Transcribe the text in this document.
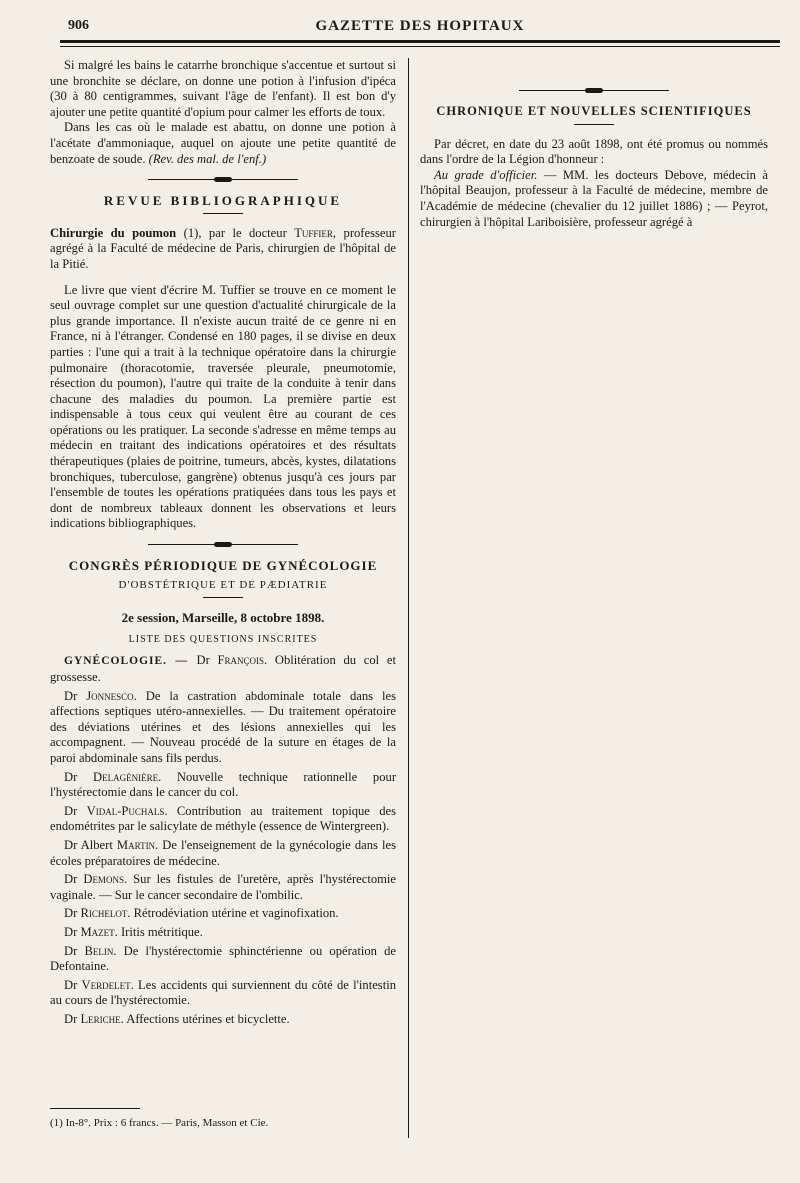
906	GAZETTE DES HOPITAUX

Si malgré les bains le catarrhe bronchique s'accentue et surtout si une bronchite se déclare, on donne une potion à l'infusion d'ipéca (30 à 80 centigrammes, suivant l'âge de l'enfant). Il est bon d'y ajouter une petite quantité d'opium pour calmer les efforts de toux.

Dans les cas où le malade est abattu, on donne une potion à l'acétate d'ammoniaque, auquel on ajoute une petite quantité de benzoate de soude. (Rev. des mal. de l'enf.)

REVUE BIBLIOGRAPHIQUE

Chirurgie du poumon (1), par le docteur Tuffier, professeur agrégé à la Faculté de médecine de Paris, chirurgien de l'hôpital de la Pitié.

Le livre que vient d'écrire M. Tuffier se trouve en ce moment le seul ouvrage complet sur une question d'actualité chirurgicale de la plus grande importance. Il n'existe aucun traité de ce genre ni en France, ni à l'étranger. Condensé en 180 pages, il se divise en deux parties : l'une qui a trait à la technique opératoire dans la chirurgie pulmonaire (thoracotomie, traversée pleurale, pneumotomie, résection du poumon), l'autre qui traite de la conduite à tenir dans chacune des maladies du poumon. La première partie est indispensable à tous ceux qui veulent être au courant de ces opérations ou les pratiquer. La seconde s'adresse en même temps au médecin en traitant des indications opératoires et des résultats thérapeutiques (plaies de poitrine, tumeurs, abcès, kystes, dilatations bronchiques, tuberculose, gangrène) obtenus jusqu'à ces jours par l'ensemble de toutes les opérations pratiquées dans tous les pays et dont de nombreux tableaux donnent les observations et leurs indications bibliographiques.

CONGRÈS PÉRIODIQUE DE GYNÉCOLOGIE
D'OBSTÉTRIQUE ET DE PÆDIATRIE
2e session, Marseille, 8 octobre 1898.
LISTE DES QUESTIONS INSCRITES

GYNÉCOLOGIE. — Dr François. Oblitération du col et grossesse.

Dr Jonnesco. De la castration abdominale totale dans les affections septiques utéro-annexielles. — Du traitement opératoire des déviations utérines et des lésions annexielles qui les accompagnent. — Nouveau procédé de la suture en étages de la paroi abdominale sans fils perdus.

Dr Delagénière. Nouvelle technique rationnelle pour l'hystérectomie dans le cancer du col.

Dr Vidal-Puchals. Contribution au traitement topique des endométrites par le salicylate de méthyle (essence de Wintergreen).

Dr Albert Martin. De l'enseignement de la gynécologie dans les écoles préparatoires de médecine.

Dr Demons. Sur les fistules de l'uretère, après l'hystérectomie vaginale. — Sur le cancer secondaire de l'ombilic.

Dr Richelot. Rétrodéviation utérine et vaginofixation.

Dr Mazet. Iritis métritique.

Dr Belin. De l'hystérectomie sphinctérienne ou opération de Defontaine.

Dr Verdelet. Les accidents qui surviennent du côté de l'intestin au cours de l'hystérectomie.

Dr Leriche. Affections utérines et bicyclette.

CHRONIQUE ET NOUVELLES SCIENTIFIQUES

Par décret, en date du 23 août 1898, ont été promus ou nommés dans l'ordre de la Légion d'honneur :

Au grade d'officier. — MM. les docteurs Debove, médecin à l'hôpital Beaujon, professeur à la Faculté de médecine, membre de l'Académie de médecine (chevalier du 12 juillet 1886) ; — Peyrot, chirurgien à l'hôpital Lariboisière, professeur agrégé à

(1) In-8°. Prix : 6 francs. — Paris, Masson et Cie.
